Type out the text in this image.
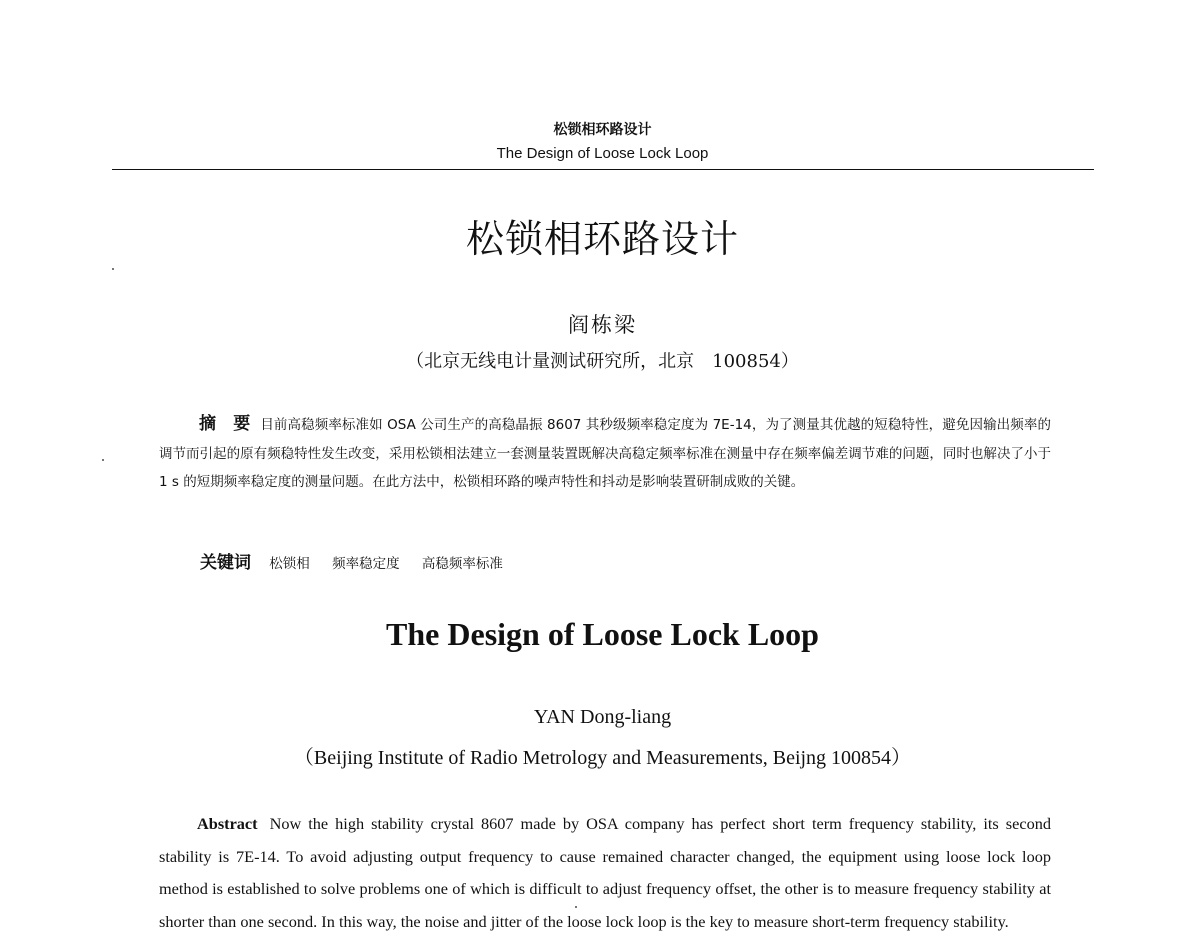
松锁相环路设计
The Design of Loose Lock Loop
松锁相环路设计
阎栋梁
（北京无线电计量测试研究所，北京　100854）
摘　要 目前高稳频率标准如 OSA 公司生产的高稳晶振 8607 其秒级频率稳定度为 7E-14，为了测量其优越的短稳特性，避免因输出频率的调节而引起的原有频稳特性发生改变，采用松锁相法建立一套测量装置既解决高稳定频率标准在测量中存在频率偏差调节难的问题，同时也解决了小于 1 s 的短期频率稳定度的测量问题。在此方法中，松锁相环路的噪声特性和抖动是影响装置研制成败的关键。
关键词 松锁相 频率稳定度 高稳频率标准
The Design of Loose Lock Loop
YAN Dong-liang
（Beijing Institute of Radio Metrology and Measurements, Beijng 100854）
Abstract Now the high stability crystal 8607 made by OSA company has perfect short term frequency stability, its second stability is 7E-14. To avoid adjusting output frequency to cause remained character changed, the equipment using loose lock loop method is established to solve problems one of which is difficult to adjust frequency offset, the other is to measure frequency stability at shorter than one second. In this way, the noise and jitter of the loose lock loop is the key to measure short-term frequency stability.
